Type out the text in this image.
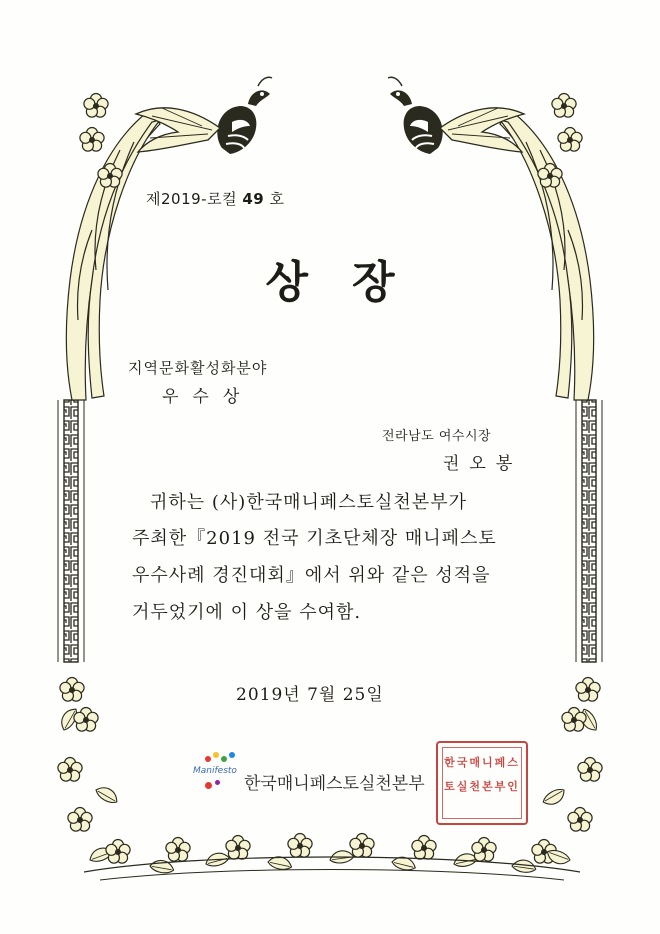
제2019-로컬 49 호
상장
지역문화활성화분야
우수상
전라남도 여수시장
권오봉
귀하는 (사)한국매니페스토실천본부가
주최한『2019 전국 기초단체장 매니페스토
우수사례 경진대회』에서 위와 같은 성적을
거두었기에 이 상을 수여함.
2019년 7월 25일
Manifesto
한국매니페스토실천본부
한국매니페스토실천본부인
